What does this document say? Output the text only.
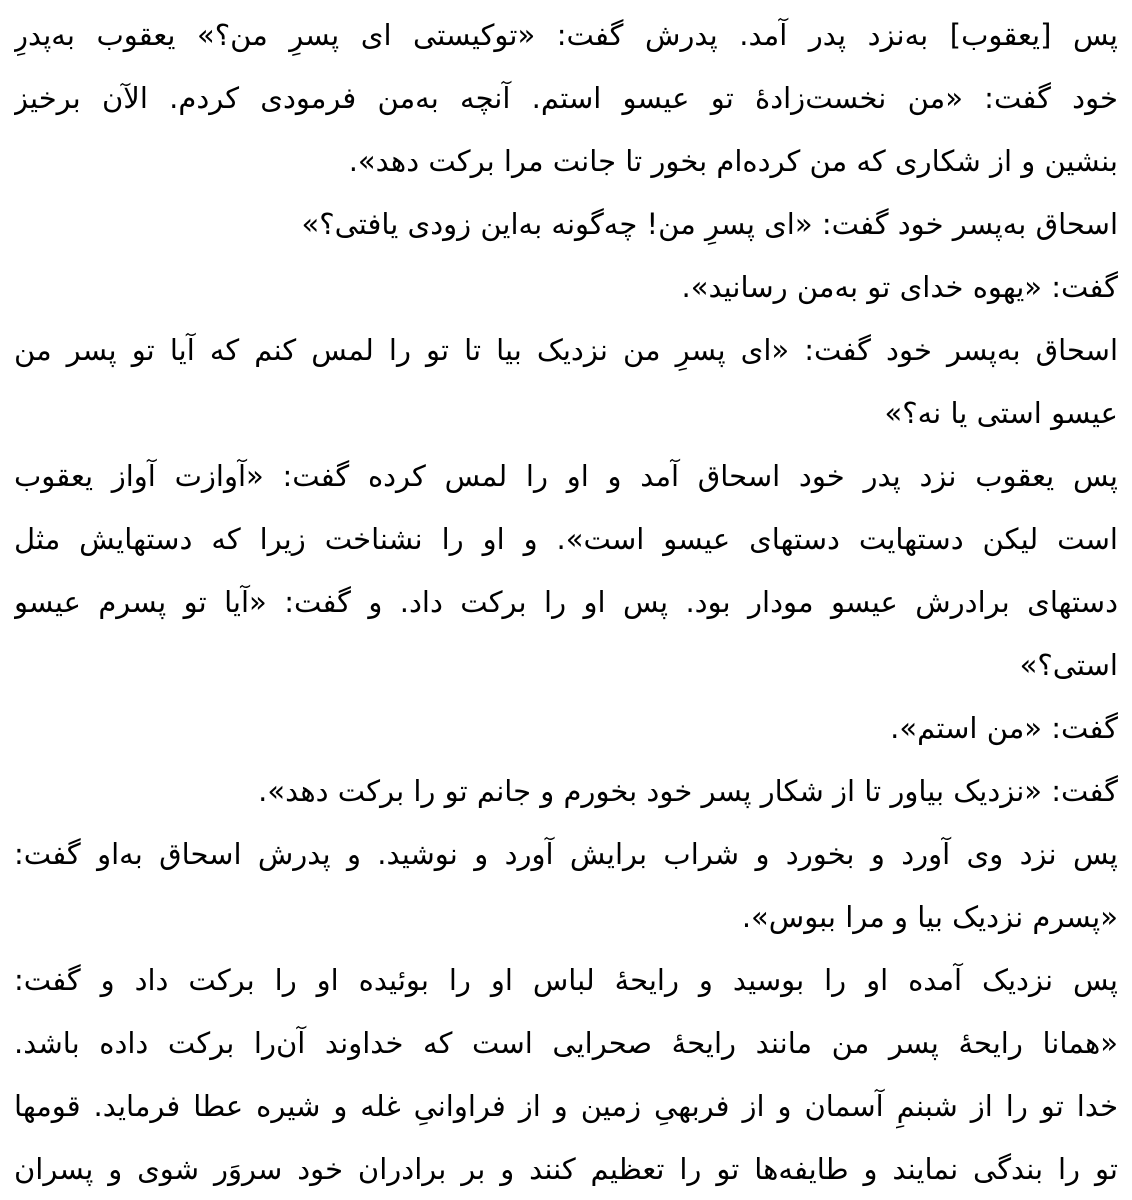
پس [یعقوب] به‌نزد پدر آمد. پدرش گفت: «توکیستی ای پسرِ من؟» یعقوب به‌پدرِ
خود گفت: «من نخست‌زادهٔ تو عیسو استم. آنچه به‌من فرمودی کردم. الآن برخیز
بنشین و از شکاری که من کرده‌ام بخور تا جانت مرا برکت دهد».
اسحاق به‌پسر خود گفت: «ای پسرِ من! چه‌گونه به‌این زودی یافتی؟»
گفت: «یهوه خدای تو به‌من رسانید».
اسحاق به‌پسر خود گفت: «ای پسرِ من نزدیک بیا تا تو را لمس کنم که آیا تو پسر من
عیسو استی یا نه؟»
پس یعقوب نزد پدر خود اسحاق آمد و او را لمس کرده گفت: «آوازت آواز یعقوب
است لیکن دستهایت دستهای عیسو است». و او را نشناخت زیرا که دستهایش مثل
دستهای برادرش عیسو مودار بود. پس او را برکت داد. و گفت: «آیا تو پسرم عیسو
استی؟»
گفت: «من استم».
گفت: «نزدیک بیاور تا از شکار پسر خود بخورم و جانم تو را برکت دهد».
پس نزد وی آورد و بخورد و شراب برایش آورد و نوشید. و پدرش اسحاق به‌او گفت:
«پسرم نزدیک بیا و مرا ببوس».
پس نزدیک آمده او را بوسید و رایحهٔ لباس او را بوئیده او را برکت داد و گفت:
«همانا رایحهٔ پسر من مانند رایحهٔ صحرایی است که خداوند آن‌را برکت داده باشد.
خدا تو را از شبنمِ آسمان و از فربهیِ زمین و از فراوانیِ غله و شیره عطا فرماید. قومها
تو را بندگی نمایند و طایفه‌ها تو را تعظیم کنند و بر برادران خود سروَر شوی و پسران
